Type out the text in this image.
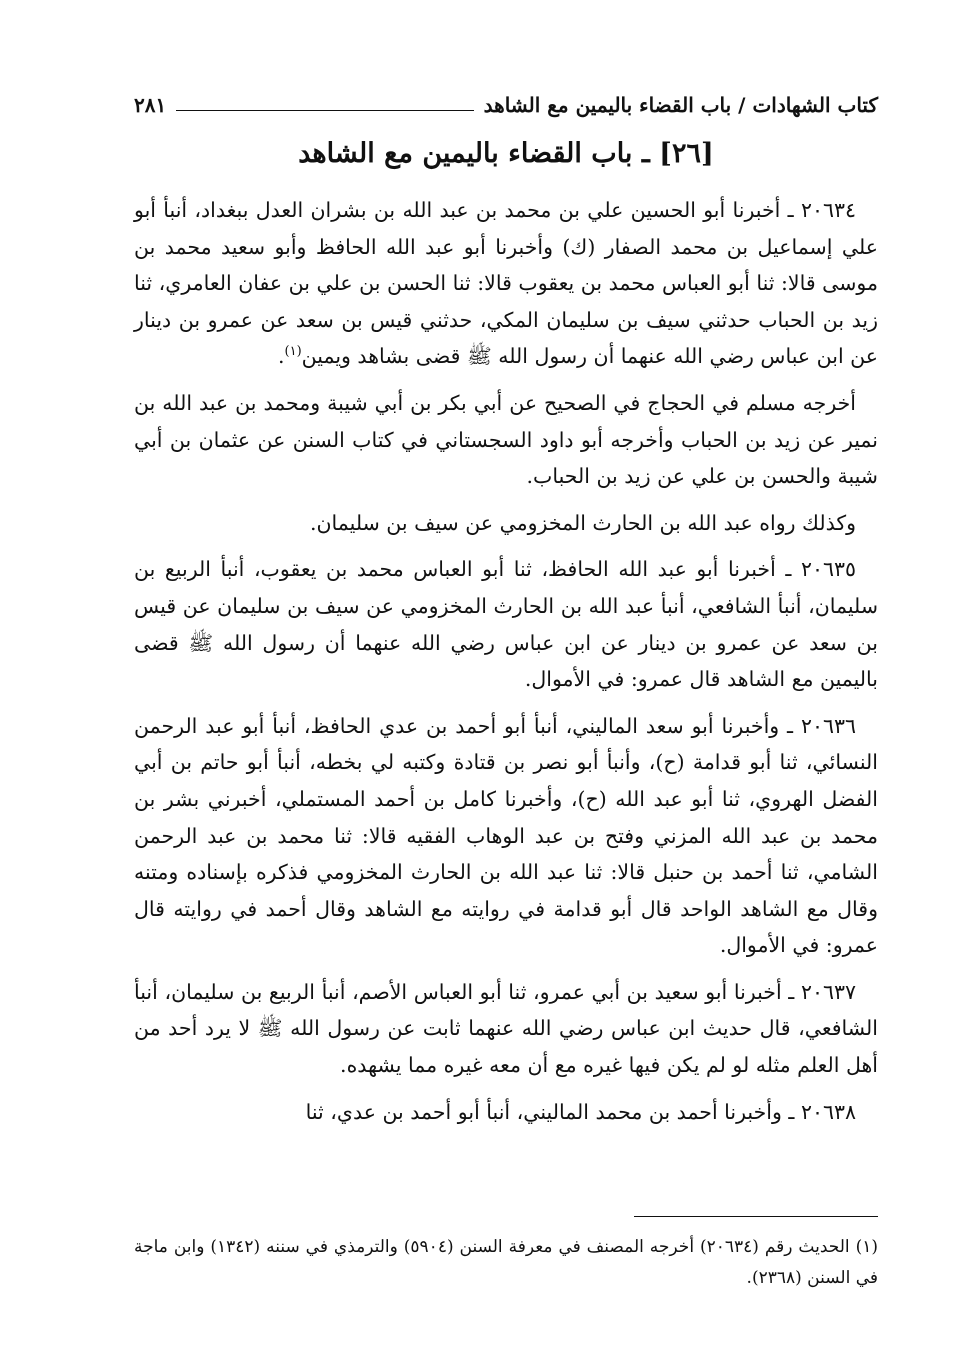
كتاب الشهادات / باب القضاء باليمين مع الشاهد
٢٨١
[٢٦] ـ باب القضاء باليمين مع الشاهد

٢٠٦٣٤ ـ أخبرنا أبو الحسين علي بن محمد بن عبد الله بن بشران العدل ببغداد، أنبأ أبو علي إسماعيل بن محمد الصفار (ك) وأخبرنا أبو عبد الله الحافظ وأبو سعيد محمد بن موسى قالا: ثنا أبو العباس محمد بن يعقوب قالا: ثنا الحسن بن علي بن عفان العامري، ثنا زيد بن الحباب حدثني سيف بن سليمان المكي، حدثني قيس بن سعد عن عمرو بن دينار عن ابن عباس رضي الله عنهما أن رسول الله ﷺ قضى بشاهد ويمين$^{(١)}$.

أخرجه مسلم في الحجاج في الصحيح عن أبي بكر بن أبي شيبة ومحمد بن عبد الله بن نمير عن زيد بن الحباب وأخرجه أبو داود السجستاني في كتاب السنن عن عثمان بن أبي شيبة والحسن بن علي عن زيد بن الحباب.

وكذلك رواه عبد الله بن الحارث المخزومي عن سيف بن سليمان.

٢٠٦٣٥ ـ أخبرنا أبو عبد الله الحافظ، ثنا أبو العباس محمد بن يعقوب، أنبأ الربيع بن سليمان، أنبأ الشافعي، أنبأ عبد الله بن الحارث المخزومي عن سيف بن سليمان عن قيس بن سعد عن عمرو بن دينار عن ابن عباس رضي الله عنهما أن رسول الله ﷺ قضى باليمين مع الشاهد قال عمرو: في الأموال.

٢٠٦٣٦ ـ وأخبرنا أبو سعد الماليني، أنبأ أبو أحمد بن عدي الحافظ، أنبأ أبو عبد الرحمن النسائي، ثنا أبو قدامة (ح)، وأنبأ أبو نصر بن قتادة وكتبه لي بخطه، أنبأ أبو حاتم بن أبي الفضل الهروي، ثنا أبو عبد الله (ح)، وأخبرنا كامل بن أحمد المستملي، أخبرني بشر بن محمد بن عبد الله المزني وفتح بن عبد الوهاب الفقيه قالا: ثنا محمد بن عبد الرحمن الشامي، ثنا أحمد بن حنبل قالا: ثنا عبد الله بن الحارث المخزومي فذكره بإسناده ومتنه وقال مع الشاهد الواحد قال أبو قدامة في روايته مع الشاهد وقال أحمد في روايته قال عمرو: في الأموال.

٢٠٦٣٧ ـ أخبرنا أبو سعيد بن أبي عمرو، ثنا أبو العباس الأصم، أنبأ الربيع بن سليمان، أنبأ الشافعي، قال حديث ابن عباس رضي الله عنهما ثابت عن رسول الله ﷺ لا يرد أحد من أهل العلم مثله لو لم يكن فيها غيره مع أن معه غيره مما يشهده.

٢٠٦٣٨ ـ وأخبرنا أحمد بن محمد الماليني، أنبأ أبو أحمد بن عدي، ثنا

(١) الحديث رقم (٢٠٦٣٤) أخرجه المصنف في معرفة السنن (٥٩٠٤) والترمذي في سننه (١٣٤٢) وابن ماجة في السنن (٢٣٦٨).
